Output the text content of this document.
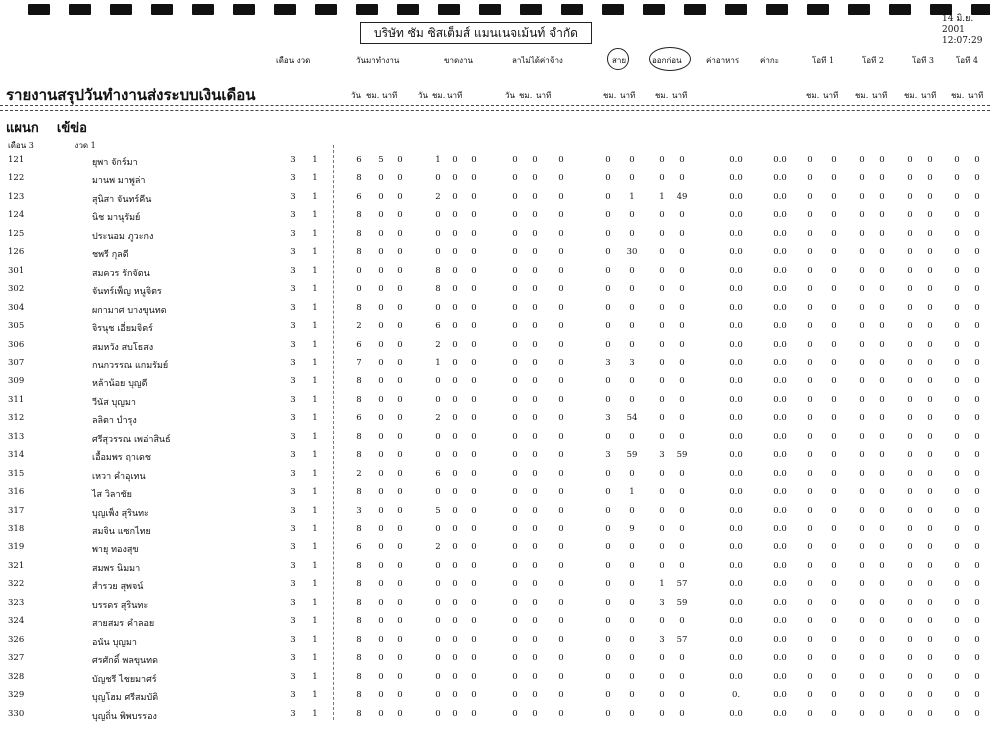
บริษัท ซัม ซิสเต็มส์ แมนเนจเม้นท์ จำกัด
14 มิ.ย. 2001
12:07:29
เดือน งวด	วันมาทำงาน	ขาดงาน	ลาไม่ได้ค่าจ้าง	สาย	ออกก่อน	ค่าอาหาร	ค่ากะ	โอที 1	โอที 2	โอที 3	โอที 4
รายงานสรุปวันทำงานส่งระบบเงินเดือน	วัน ชม. นาที	วัน ชม. นาที	วัน ชม. นาที	ชม. นาที ชม. นาที	ชม. นาที ชม. นาที ชม. นาที ชม. นาที
แผนก เข้ข่อ
เดือน 3	งวด 1
121	ยุพา จักร์มา	3	1	6	5	0	1	0	0	0	0	0	0	0	0	0	0.0	0.0	0	0	0	0	0	0	0	0
122	มานพ มาพูล่า	3	1	8	0	0	0	0	0	0	0	0	0	0	0	0	0.0	0.0	0	0	0	0	0	0	0	0
123	สุนิสา จันทร์คีน	3	1	6	0	0	2	0	0	0	0	0	0	1	1	49	0.0	0.0	0	0	0	0	0	0	0	0
124	นิช มานุรัมย์	3	1	8	0	0	0	0	0	0	0	0	0	0	0	0	0.0	0.0	0	0	0	0	0	0	0	0
125	ประนอม ภูวะกง	3	1	8	0	0	0	0	0	0	0	0	0	0	0	0	0.0	0.0	0	0	0	0	0	0	0	0
126	ชพรี กุลดี	3	1	8	0	0	0	0	0	0	0	0	0	30	0	0	0.0	0.0	0	0	0	0	0	0	0	0
301	สมควร รักจัตน	3	1	0	0	0	8	0	0	0	0	0	0	0	0	0	0.0	0.0	0	0	0	0	0	0	0	0
302	จันทร์เพ็ญ หนูจิตร	3	1	0	0	0	8	0	0	0	0	0	0	0	0	0	0.0	0.0	0	0	0	0	0	0	0	0
304	ผกามาศ บางขุนทด	3	1	8	0	0	0	0	0	0	0	0	0	0	0	0	0.0	0.0	0	0	0	0	0	0	0	0
305	จิรนุช เอี่ยมจิตร์	3	1	2	0	0	6	0	0	0	0	0	0	0	0	0	0.0	0.0	0	0	0	0	0	0	0	0
306	สมหวัง สบโธสง	3	1	6	0	0	2	0	0	0	0	0	0	0	0	0	0.0	0.0	0	0	0	0	0	0	0	0
307	กนกวรรณ แกมรัมย์	3	1	7	0	0	1	0	0	0	0	0	3	3	0	0	0.0	0.0	0	0	0	0	0	0	0	0
309	หล้าน้อย บุญดี	3	1	8	0	0	0	0	0	0	0	0	0	0	0	0	0.0	0.0	0	0	0	0	0	0	0	0
311	วีนัส บุญมา	3	1	8	0	0	0	0	0	0	0	0	0	0	0	0	0.0	0.0	0	0	0	0	0	0	0	0
312	ลลิตา บำรุง	3	1	6	0	0	2	0	0	0	0	0	3	54	0	0	0.0	0.0	0	0	0	0	0	0	0	0
313	ศรีสุวรรณ เพอ่าสินธ์	3	1	8	0	0	0	0	0	0	0	0	0	0	0	0	0.0	0.0	0	0	0	0	0	0	0	0
314	เอื้อมพร ฤาเดช	3	1	8	0	0	0	0	0	0	0	0	3	59	3	59	0.0	0.0	0	0	0	0	0	0	0	0
315	เหวา คำอุเทน	3	1	2	0	0	6	0	0	0	0	0	0	0	0	0	0.0	0.0	0	0	0	0	0	0	0	0
316	ไส วิลาชัย	3	1	8	0	0	0	0	0	0	0	0	0	1	0	0	0.0	0.0	0	0	0	0	0	0	0	0
317	บุญเพ็ง สุรินทะ	3	1	3	0	0	5	0	0	0	0	0	0	0	0	0	0.0	0.0	0	0	0	0	0	0	0	0
318	สมจิน แซกไทย	3	1	8	0	0	0	0	0	0	0	0	0	9	0	0	0.0	0.0	0	0	0	0	0	0	0	0
319	พายุ ทองสุข	3	1	6	0	0	2	0	0	0	0	0	0	0	0	0	0.0	0.0	0	0	0	0	0	0	0	0
321	สมพร นิมมา	3	1	8	0	0	0	0	0	0	0	0	0	0	0	0	0.0	0.0	0	0	0	0	0	0	0	0
322	สำรวย สุพจน์	3	1	8	0	0	0	0	0	0	0	0	0	0	1	57	0.0	0.0	0	0	0	0	0	0	0	0
323	บรรดร สุรินทะ	3	1	8	0	0	0	0	0	0	0	0	0	0	3	59	0.0	0.0	0	0	0	0	0	0	0	0
324	สายสมร คำลอย	3	1	8	0	0	0	0	0	0	0	0	0	0	0	0	0.0	0.0	0	0	0	0	0	0	0	0
326	อนัน บุญมา	3	1	8	0	0	0	0	0	0	0	0	0	0	3	57	0.0	0.0	0	0	0	0	0	0	0	0
327	ศรศักดิ์ พลขุนทด	3	1	8	0	0	0	0	0	0	0	0	0	0	0	0	0.0	0.0	0	0	0	0	0	0	0	0
328	บัญชรี ไชยมาศร์	3	1	8	0	0	0	0	0	0	0	0	0	0	0	0	0.0	0.0	0	0	0	0	0	0	0	0
329	บุญโฮม ศรีสมบัติ	3	1	8	0	0	0	0	0	0	0	0	0	0	0	0	0.	0.0	0	0	0	0	0	0	0	0
330	บุญถิ่น พิพบรรอง	3	1	8	0	0	0	0	0	0	0	0	0	0	0	0	0.0	0.0	0	0	0	0	0	0	0	0
